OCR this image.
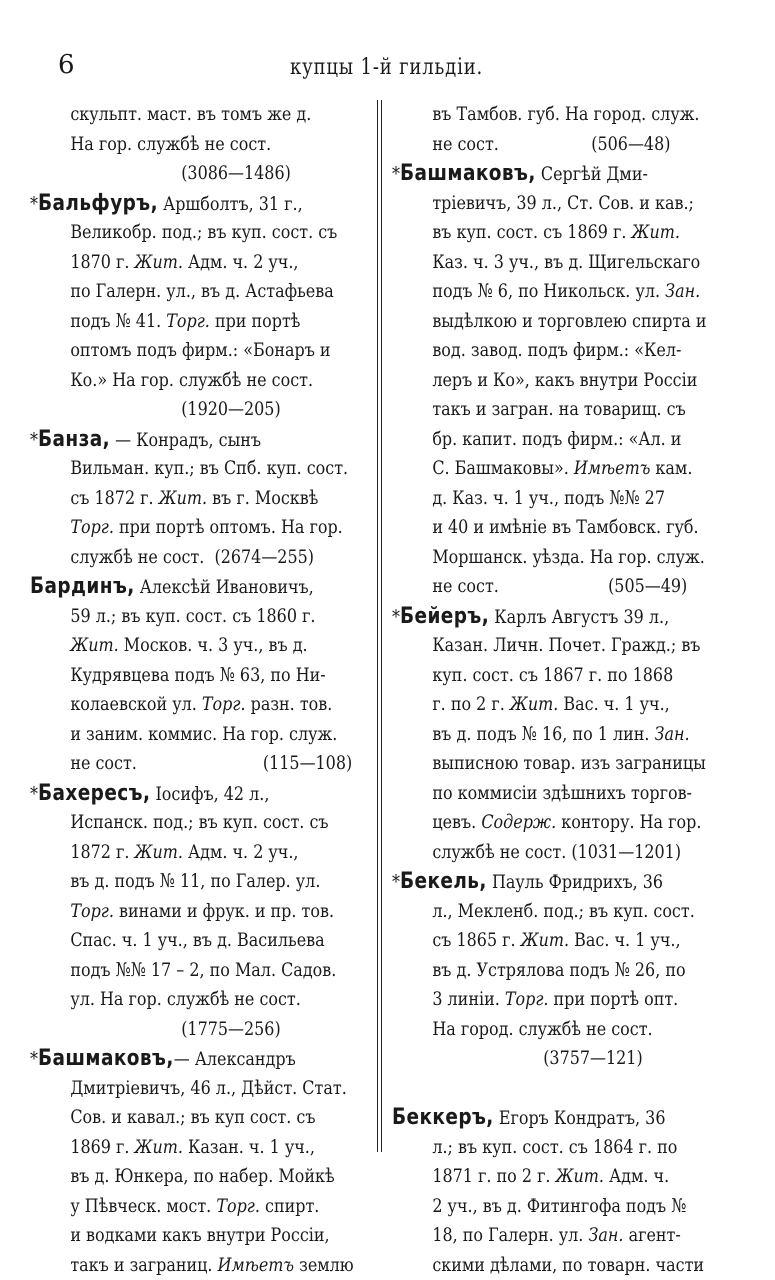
6	купцы 1-й гильдіи.
скульпт. маст. въ томъ же д.
На гор. службѣ не сост.
(3086—1486)
*Бальфуръ, Аршболтъ, 31 г.,
Великобр. под.; въ куп. сост. съ
1870 г. Жит. Адм. ч. 2 уч.,
по Галерн. ул., въ д. Астафьева
подъ № 41. Торг. при портѣ
оптомъ подъ фирм.: «Бонаръ и
Ко.» На гор. службѣ не сост.
(1920—205)
*Банза, — Конрадъ, сынъ
Вильман. куп.; въ Спб. куп. сост.
съ 1872 г. Жит. въ г. Москвѣ
Торг. при портѣ оптомъ. На гор.
службѣ не сост. (2674—255)
Бардинъ, Алексѣй Ивановичъ,
59 л.; въ куп. сост. съ 1860 г.
Жит. Москов. ч. 3 уч., въ д.
Кудрявцева подъ № 63, по Ни-
колаевской ул. Торг. разн. тов.
и заним. коммис. На гор. служ.
не сост.	(115—108)
*Бахересъ, Іосифъ, 42 л.,
Испанск. под.; въ куп. сост. съ
1872 г. Жит. Адм. ч. 2 уч.,
въ д. подъ № 11, по Галер. ул.
Торг. винами и фрук. и пр. тов.
Спас. ч. 1 уч., въ д. Васильева
подъ №№ 17 – 2, по Мал. Садов.
ул. На гор. службѣ не сост.
(1775—256)
*Башмаковъ,— Александръ
Дмитріевичъ, 46 л., Дѣйст. Стат.
Сов. и кавал.; въ куп сост. съ
1869 г. Жит. Казан. ч. 1 уч.,
въ д. Юнкера, по набер. Мойкѣ
у Пѣвческ. мост. Торг. спирт.
и водками какъ внутри Россіи,
такъ и заграниц. Имѣетъ землю
въ Тамбов. губ. На город. служ.
не сост.	(506—48)
*Башмаковъ, Сергѣй Дми-
тріевичъ, 39 л., Ст. Сов. и кав.;
въ куп. сост. съ 1869 г. Жит.
Каз. ч. 3 уч., въ д. Щигельскаго
подъ № 6, по Никольск. ул. Зан.
выдѣлкою и торговлею спирта и
вод. завод. подъ фирм.: «Кел-
леръ и Ко», какъ внутри Россіи
такъ и загран. на товарищ. съ
бр. капит. подъ фирм.: «Ал. и
С. Башмаковы». Имѣетъ кам.
д. Каз. ч. 1 уч., подъ №№ 27
и 40 и имѣніе въ Тамбовск. губ.
Моршанск. уѣзда. На гор. служ.
не сост.	(505—49)
*Бейеръ, Карлъ Августъ 39 л.,
Казан. Личн. Почет. Гражд.; въ
куп. сост. съ 1867 г. по 1868
г. по 2 г. Жит. Вас. ч. 1 уч.,
въ д. подъ № 16, по 1 лин. Зан.
выписною товар. изъ заграницы
по коммисіи здѣшнихъ торгов-
цевъ. Содерж. контору. На гор.
службѣ не сост. (1031—1201)
*Бекель, Пауль Фридрихъ, 36
л., Мекленб. под.; въ куп. сост.
съ 1865 г. Жит. Вас. ч. 1 уч.,
въ д. Устрялова подъ № 26, по
3 линіи. Торг. при портѣ опт.
На город. службѣ не сост.
(3757—121)
Беккеръ, Егоръ Кондратъ, 36
л.; въ куп. сост. съ 1864 г. по
1871 г. по 2 г. Жит. Адм. ч.
2 уч., въ д. Фитингофа подъ №
18, по Галерн. ул. Зан. агент-
скими дѣлами, по товарн. части
